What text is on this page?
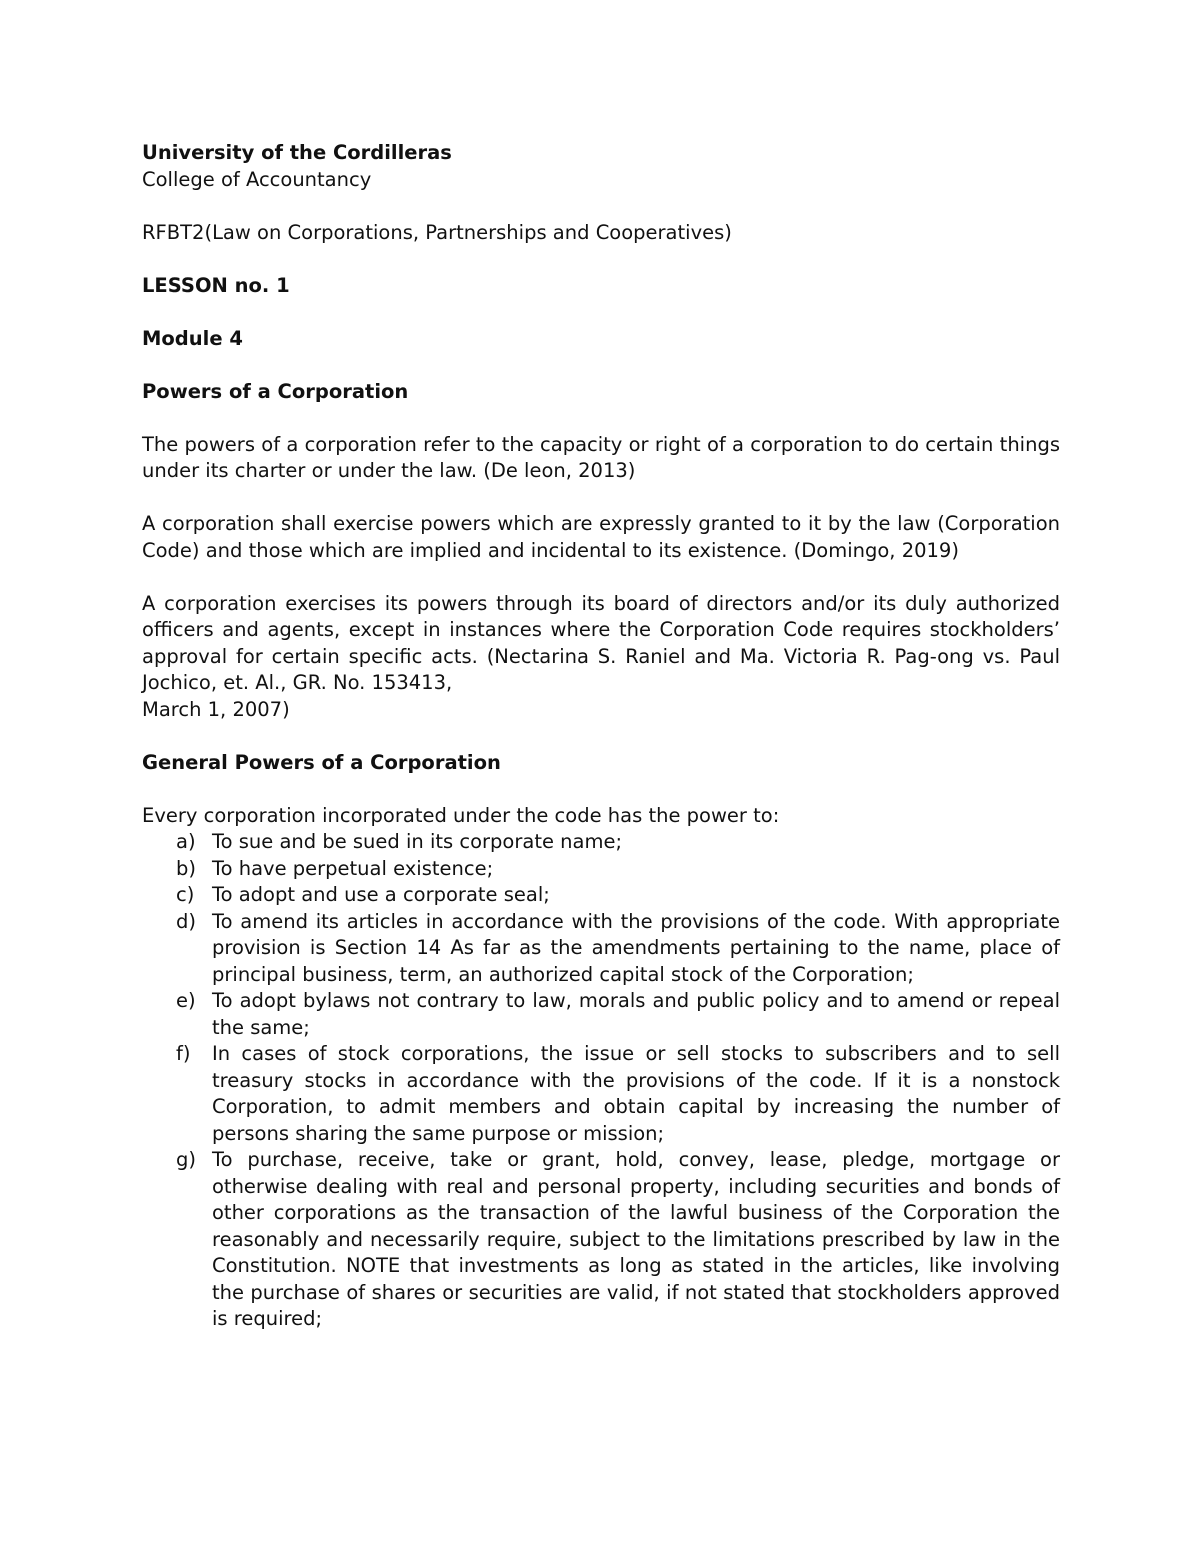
University of the Cordilleras

College of Accountancy

RFBT2(Law on Corporations, Partnerships and Cooperatives)

LESSON no. 1

Module 4

Powers of a Corporation

The powers of a corporation refer to the capacity or right of a corporation to do certain things under its charter or under the law. (De leon, 2013)

A corporation shall exercise powers which are expressly granted to it by the law (Corporation Code) and those which are implied and incidental to its existence. (Domingo, 2019)

A corporation exercises its powers through its board of directors and/or its duly authorized officers and agents, except in instances where the Corporation Code requires stockholders’ approval for certain specific acts. (Nectarina S. Raniel and Ma. Victoria R. Pag-ong vs. Paul Jochico, et. Al., GR. No. 153413,

March 1, 2007)

General Powers of a Corporation

Every corporation incorporated under the code has the power to:

a) To sue and be sued in its corporate name;
b) To have perpetual existence;
c) To adopt and use a corporate seal;
d) To amend its articles in accordance with the provisions of the code. With appropriate provision is Section 14 As far as the amendments pertaining to the name, place of principal business, term, an authorized capital stock of the Corporation;
e) To adopt bylaws not contrary to law, morals and public policy and to amend or repeal the same;
f) In cases of stock corporations, the issue or sell stocks to subscribers and to sell treasury stocks in accordance with the provisions of the code. If it is a nonstock Corporation, to admit members and obtain capital by increasing the number of persons sharing the same purpose or mission;
g) To purchase, receive, take or grant, hold, convey, lease, pledge, mortgage or otherwise dealing with real and personal property, including securities and bonds of other corporations as the transaction of the lawful business of the Corporation the reasonably and necessarily require, subject to the limitations prescribed by law in the Constitution. NOTE that investments as long as stated in the articles, like involving the purchase of shares or securities are valid, if not stated that stockholders approved is required;
